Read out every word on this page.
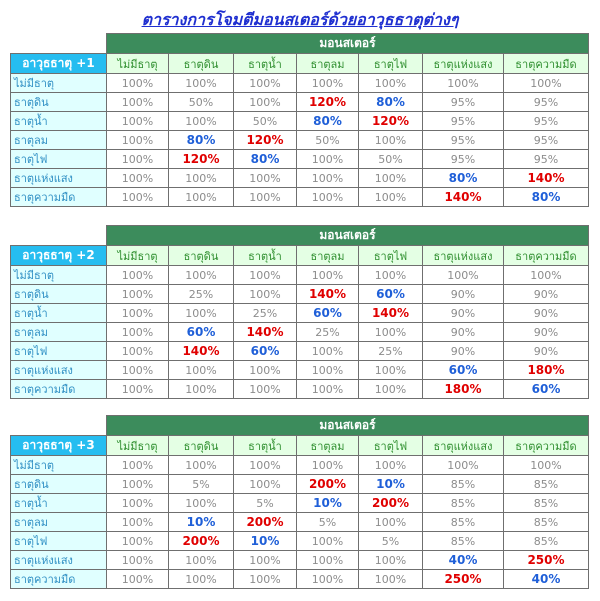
ตารางการโจมตีมอนสเตอร์ด้วยอาวุธธาตุต่างๆ
	มอนสเตอร์						
อาวุธธาตุ +1	ไม่มีธาตุ	ธาตุดิน	ธาตุน้ำ	ธาตุลม	ธาตุไฟ	ธาตุแห่งแสง	ธาตุความมืด
ไม่มีธาตุ	100%	100%	100%	100%	100%	100%	100%
ธาตุดิน	100%	50%	100%	120%	80%	95%	95%
ธาตุน้ำ	100%	100%	50%	80%	120%	95%	95%
ธาตุลม	100%	80%	120%	50%	100%	95%	95%
ธาตุไฟ	100%	120%	80%	100%	50%	95%	95%
ธาตุแห่งแสง	100%	100%	100%	100%	100%	80%	140%
ธาตุความมืด	100%	100%	100%	100%	100%	140%	80%
	มอนสเตอร์						
อาวุธธาตุ +2	ไม่มีธาตุ	ธาตุดิน	ธาตุน้ำ	ธาตุลม	ธาตุไฟ	ธาตุแห่งแสง	ธาตุความมืด
ไม่มีธาตุ	100%	100%	100%	100%	100%	100%	100%
ธาตุดิน	100%	25%	100%	140%	60%	90%	90%
ธาตุน้ำ	100%	100%	25%	60%	140%	90%	90%
ธาตุลม	100%	60%	140%	25%	100%	90%	90%
ธาตุไฟ	100%	140%	60%	100%	25%	90%	90%
ธาตุแห่งแสง	100%	100%	100%	100%	100%	60%	180%
ธาตุความมืด	100%	100%	100%	100%	100%	180%	60%
	มอนสเตอร์						
อาวุธธาตุ +3	ไม่มีธาตุ	ธาตุดิน	ธาตุน้ำ	ธาตุลม	ธาตุไฟ	ธาตุแห่งแสง	ธาตุความมืด
ไม่มีธาตุ	100%	100%	100%	100%	100%	100%	100%
ธาตุดิน	100%	5%	100%	200%	10%	85%	85%
ธาตุน้ำ	100%	100%	5%	10%	200%	85%	85%
ธาตุลม	100%	10%	200%	5%	100%	85%	85%
ธาตุไฟ	100%	200%	10%	100%	5%	85%	85%
ธาตุแห่งแสง	100%	100%	100%	100%	100%	40%	250%
ธาตุความมืด	100%	100%	100%	100%	100%	250%	40%
